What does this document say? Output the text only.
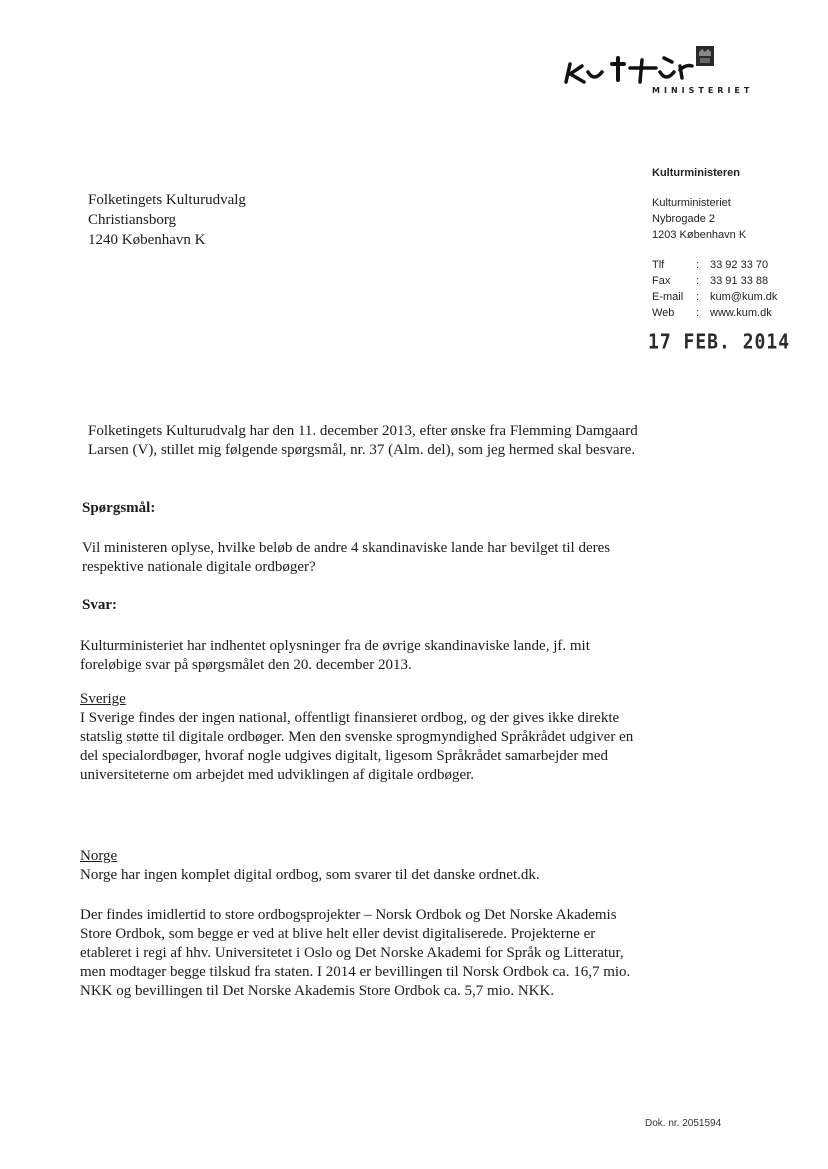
MINISTERIET
Kulturministeren
Kulturministeriet
Nybrogade 2
1203 København K
Tlf	: 33 92 33 70
Fax	: 33 91 33 88
E-mail	: kum@kum.dk
Web	: www.kum.dk
17 FEB. 2014
Folketingets Kulturudvalg
Christiansborg
1240 København K
Folketingets Kulturudvalg har den 11. december 2013, efter ønske fra Flemming Damgaard Larsen (V), stillet mig følgende spørgsmål, nr. 37 (Alm. del), som jeg hermed skal besvare.
Spørgsmål:
Vil ministeren oplyse, hvilke beløb de andre 4 skandinaviske lande har bevilget til deres respektive nationale digitale ordbøger?
Svar:
Kulturministeriet har indhentet oplysninger fra de øvrige skandinaviske lande, jf. mit foreløbige svar på spørgsmålet den 20. december 2013.
Sverige
I Sverige findes der ingen national, offentligt finansieret ordbog, og der gives ikke direkte statslig støtte til digitale ordbøger. Men den svenske sprogmyndighed Språkrådet udgiver en del specialordbøger, hvoraf nogle udgives digitalt, ligesom Språkrådet samarbejder med universiteterne om arbejdet med udviklingen af digitale ordbøger.
Norge
Norge har ingen komplet digital ordbog, som svarer til det danske ordnet.dk.
Der findes imidlertid to store ordbogsprojekter – Norsk Ordbok og Det Norske Akademis Store Ordbok, som begge er ved at blive helt eller devist digitaliserede. Projekterne er etableret i regi af hhv. Universitetet i Oslo og Det Norske Akademi for Språk og Litteratur, men modtager begge tilskud fra staten. I 2014 er bevillingen til Norsk Ordbok ca. 16,7 mio. NKK og bevillingen til Det Norske Akademis Store Ordbok ca. 5,7 mio. NKK.
Dok. nr. 2051594
